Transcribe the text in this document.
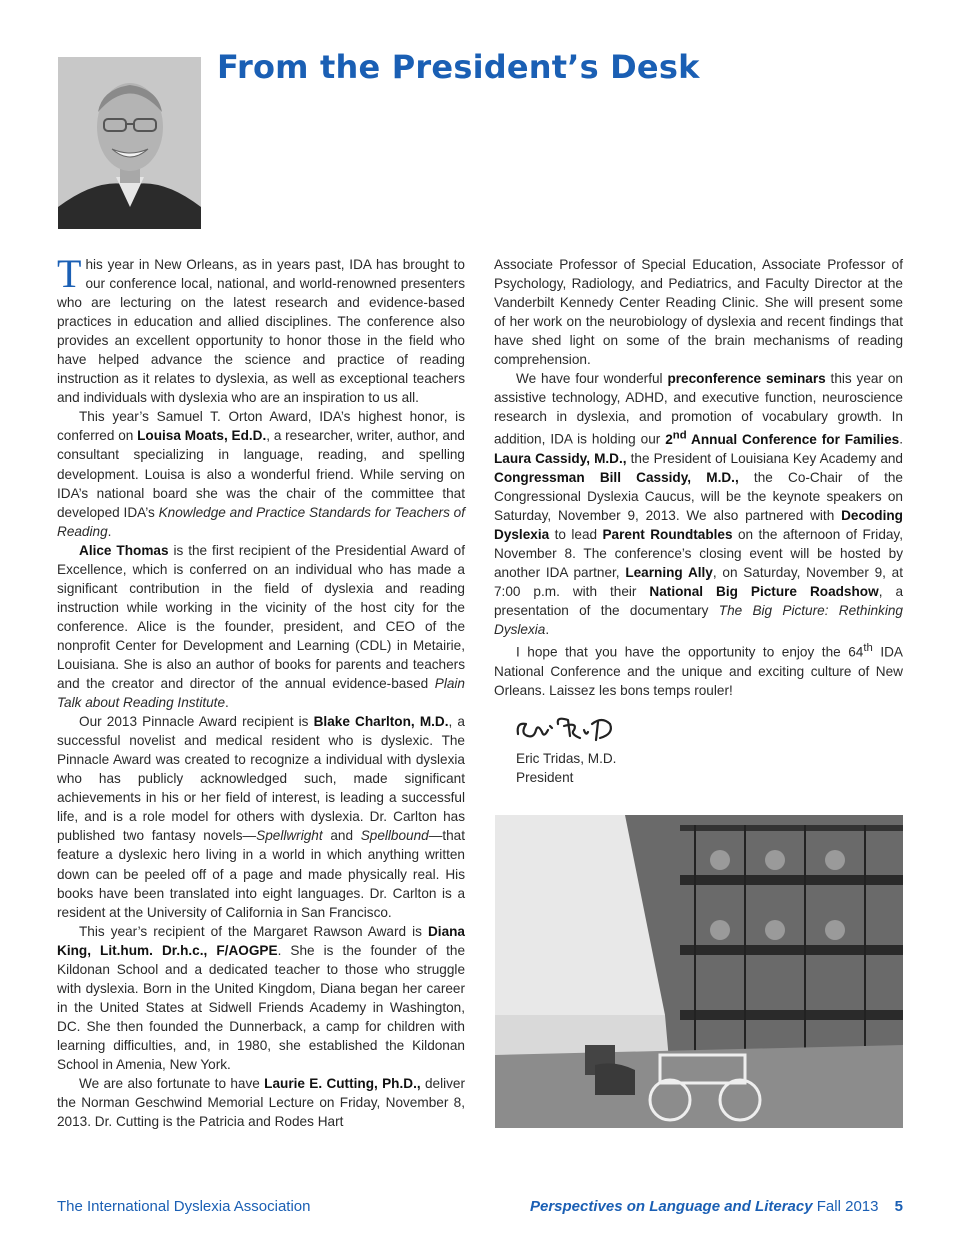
From the President’s Desk

This year in New Orleans, as in years past, IDA has brought to our conference local, national, and world-renowned presenters who are lecturing on the latest research and evidence-based practices in education and allied disciplines. The conference also provides an excellent opportunity to honor those in the field who have helped advance the science and practice of reading instruction as it relates to dyslexia, as well as exceptional teachers and individuals with dyslexia who are an inspiration to us all.

This year’s Samuel T. Orton Award, IDA’s highest honor, is conferred on Louisa Moats, Ed.D., a researcher, writer, author, and consultant specializing in language, reading, and spelling development. Louisa is also a wonderful friend. While serving on IDA’s national board she was the chair of the committee that developed IDA’s Knowledge and Practice Standards for Teachers of Reading.

Alice Thomas is the first recipient of the Presidential Award of Excellence, which is conferred on an individual who has made a significant contribution in the field of dyslexia and reading instruction while working in the vicinity of the host city for the conference. Alice is the founder, president, and CEO of the nonprofit Center for Development and Learning (CDL) in Metairie, Louisiana. She is also an author of books for parents and teachers and the creator and director of the annual evidence-based Plain Talk about Reading Institute.

Our 2013 Pinnacle Award recipient is Blake Charlton, M.D., a successful novelist and medical resident who is dyslexic. The Pinnacle Award was created to recognize a individual with dyslexia who has publicly acknowledged such, made significant achievements in his or her field of interest, is leading a successful life, and is a role model for others with dyslexia. Dr. Carlton has published two fantasy novels—Spellwright and Spellbound—that feature a dyslexic hero living in a world in which anything written down can be peeled off of a page and made physically real. His books have been translated into eight languages. Dr. Carlton is a resident at the University of California in San Francisco.

This year’s recipient of the Margaret Rawson Award is Diana King, Lit.hum. Dr.h.c., F/AOGPE. She is the founder of the Kildonan School and a dedicated teacher to those who struggle with dyslexia. Born in the United Kingdom, Diana began her career in the United States at Sidwell Friends Academy in Washington, DC. She then founded the Dunnerback, a camp for children with learning difficulties, and, in 1980, she established the Kildonan School in Amenia, New York.

We are also fortunate to have Laurie E. Cutting, Ph.D., deliver the Norman Geschwind Memorial Lecture on Friday, November 8, 2013. Dr. Cutting is the Patricia and Rodes Hart

Associate Professor of Special Education, Associate Professor of Psychology, Radiology, and Pediatrics, and Faculty Director at the Vanderbilt Kennedy Center Reading Clinic. She will present some of her work on the neurobiology of dyslexia and recent findings that have shed light on some of the brain mechanisms of reading comprehension.

We have four wonderful preconference seminars this year on assistive technology, ADHD, and executive function, neuroscience research in dyslexia, and promotion of vocabulary growth. In addition, IDA is holding our 2nd Annual Conference for Families. Laura Cassidy, M.D., the President of Louisiana Key Academy and Congressman Bill Cassidy, M.D., the Co-Chair of the Congressional Dyslexia Caucus, will be the keynote speakers on Saturday, November 9, 2013. We also partnered with Decoding Dyslexia to lead Parent Roundtables on the afternoon of Friday, November 8. The conference’s closing event will be hosted by another IDA partner, Learning Ally, on Saturday, November 9, at 7:00 p.m. with their National Big Picture Roadshow, a presentation of the documentary The Big Picture: Rethinking Dyslexia.

I hope that you have the opportunity to enjoy the 64th IDA National Conference and the unique and exciting culture of New Orleans. Laissez les bons temps rouler!

Eric Tridas, M.D.
President
The International Dyslexia Association	Perspectives on Language and Literacy Fall 2013 5
